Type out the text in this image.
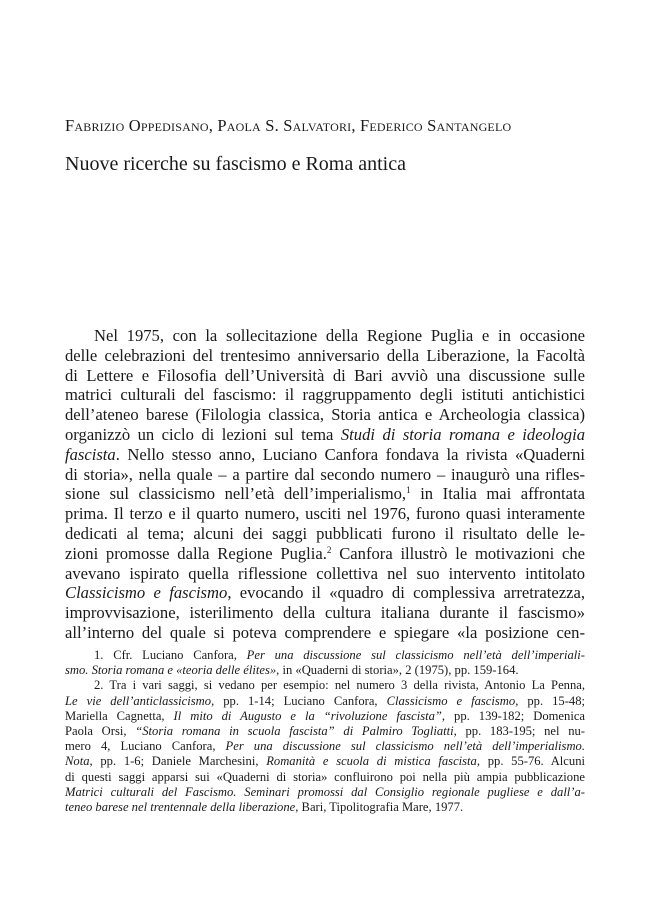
Fabrizio Oppedisano, Paola S. Salvatori, Federico Santangelo
Nuove ricerche su fascismo e Roma antica
Nel 1975, con la sollecitazione della Regione Puglia e in occasione
delle celebrazioni del trentesimo anniversario della Liberazione, la Facoltà
di Lettere e Filosofia dell’Università di Bari avviò una discussione sulle
matrici culturali del fascismo: il raggruppamento degli istituti antichistici
dell’ateneo barese (Filologia classica, Storia antica e Archeologia classica)
organizzò un ciclo di lezioni sul tema Studi di storia romana e ideologia
fascista. Nello stesso anno, Luciano Canfora fondava la rivista «Quaderni
di storia», nella quale – a partire dal secondo numero – inaugurò una rifles-
sione sul classicismo nell’età dell’imperialismo,$^1$ in Italia mai affrontata
prima. Il terzo e il quarto numero, usciti nel 1976, furono quasi interamente
dedicati al tema; alcuni dei saggi pubblicati furono il risultato delle le-
zioni promosse dalla Regione Puglia.$^2$ Canfora illustrò le motivazioni che
avevano ispirato quella riflessione collettiva nel suo intervento intitolato
Classicismo e fascismo, evocando il «quadro di complessiva arretratezza,
improvvisazione, isterilimento della cultura italiana durante il fascismo»
all’interno del quale si poteva comprendere e spiegare «la posizione cen-
1. Cfr. Luciano Canfora, Per una discussione sul classicismo nell’età dell’imperiali-
smo. Storia romana e «teoria delle élites», in «Quaderni di storia», 2 (1975), pp. 159-164.
2. Tra i vari saggi, si vedano per esempio: nel numero 3 della rivista, Antonio La Penna,
Le vie dell’anticlassicismo, pp. 1-14; Luciano Canfora, Classicismo e fascismo, pp. 15-48;
Mariella Cagnetta, Il mito di Augusto e la “rivoluzione fascista”, pp. 139-182; Domenica
Paola Orsi, “Storia romana in scuola fascista” di Palmiro Togliatti, pp. 183-195; nel nu-
mero 4, Luciano Canfora, Per una discussione sul classicismo nell’età dell’imperialismo.
Nota, pp. 1-6; Daniele Marchesini, Romanità e scuola di mistica fascista, pp. 55-76. Alcuni
di questi saggi apparsi sui «Quaderni di storia» confluirono poi nella più ampia pubblicazione
Matrici culturali del Fascismo. Seminari promossi dal Consiglio regionale pugliese e dall’a-
teneo barese nel trentennale della liberazione, Bari, Tipolitografia Mare, 1977.
